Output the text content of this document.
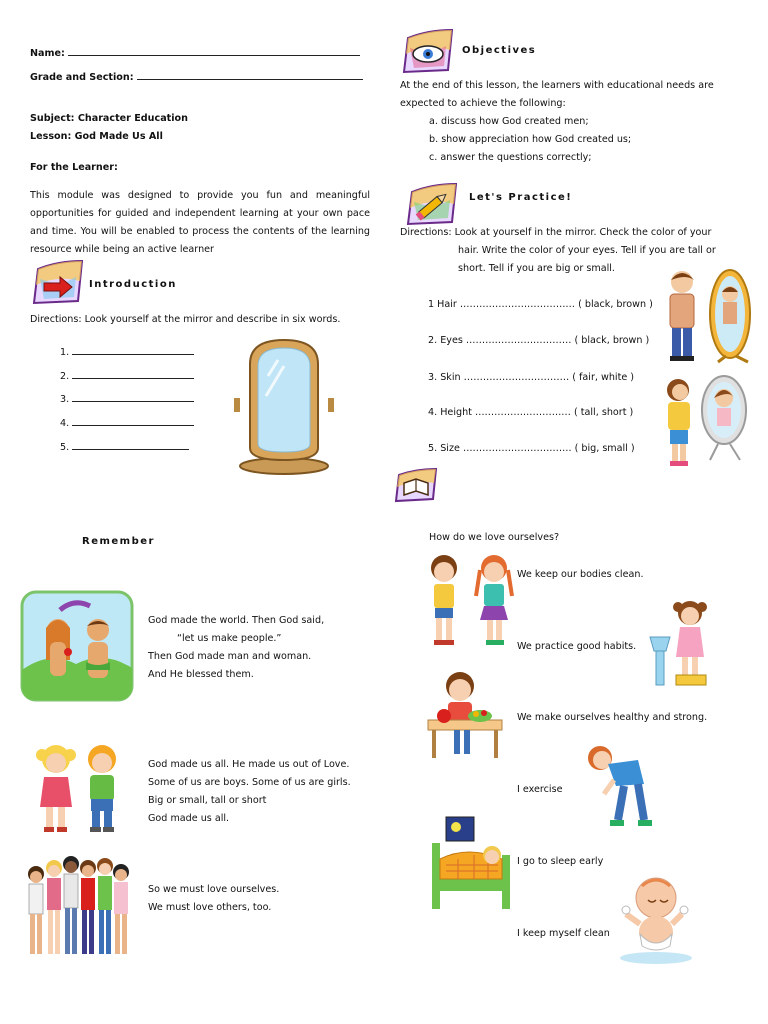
Name:
Grade and Section:
Subject: Character Education
Lesson: God Made Us All
For the Learner:
This module was designed to provide you fun and meaningful opportunities for guided and independent learning at your own pace and time. You will be enabled to process the contents of the learning resource while being an active learner
Introduction
Directions: Look yourself at the mirror and describe in six words.
1.
2.
3.
4.
5.
Objectives
At the end of this lesson, the learners with educational needs are expected to achieve the following:
a. discuss how God created men;
b. show appreciation how God created us;
c. answer the questions correctly;
Let's Practice!
Directions: Look at yourself in the mirror. Check the color of your
hair. Write the color of your eyes. Tell if you are tall or
short. Tell if you are big or small.
1 Hair ……………………………… ( black, brown )
2. Eyes …………………………… ( black, brown )
3. Skin …………………………… ( fair, white )
4. Height ………………………… ( tall, short )
5. Size ……………………………. ( big, small )
Remember
God made the world. Then God said,
“let us make people.”
Then God made man and woman.
And He blessed them.
God made us all. He made us out of Love.
Some of us are boys. Some of us are girls.
Big or small, tall or short
God made us all.
So we must love ourselves.
We must love others, too.
How do we love ourselves?
We keep our bodies clean.
We practice good habits.
We make ourselves healthy and strong.
I exercise
I go to sleep early
I keep myself clean
